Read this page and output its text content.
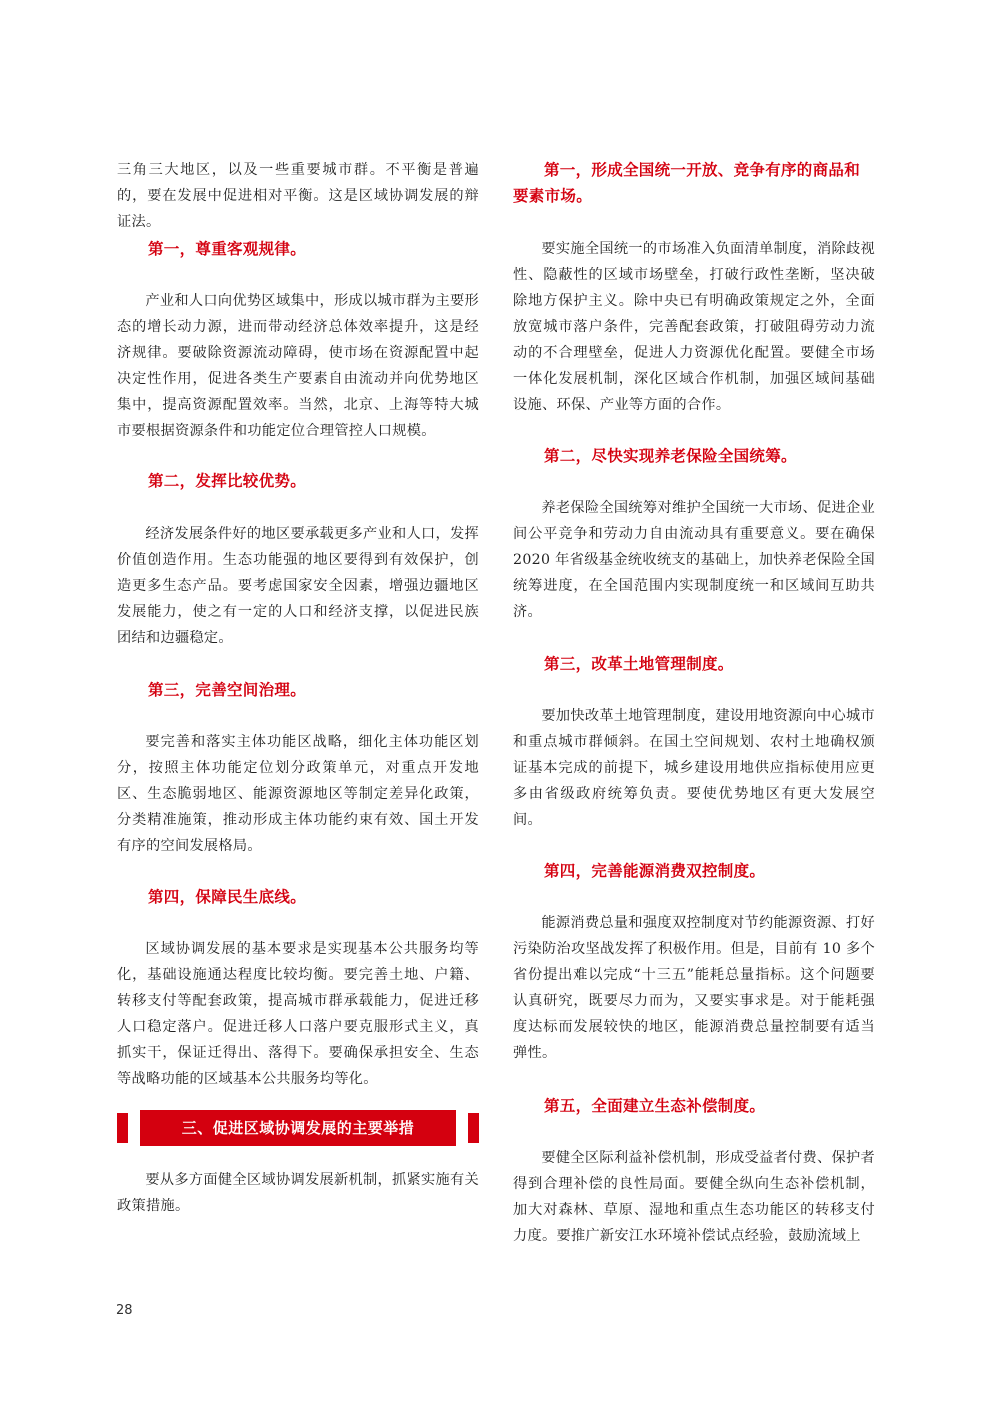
三角三大地区，以及一些重要城市群。不平衡是普遍的，要在发展中促进相对平衡。这是区域协调发展的辩证法。

第一，尊重客观规律。

产业和人口向优势区域集中，形成以城市群为主要形态的增长动力源，进而带动经济总体效率提升，这是经济规律。要破除资源流动障碍，使市场在资源配置中起决定性作用，促进各类生产要素自由流动并向优势地区集中，提高资源配置效率。当然，北京、上海等特大城市要根据资源条件和功能定位合理管控人口规模。

第二，发挥比较优势。

经济发展条件好的地区要承载更多产业和人口，发挥价值创造作用。生态功能强的地区要得到有效保护，创造更多生态产品。要考虑国家安全因素，增强边疆地区发展能力，使之有一定的人口和经济支撑，以促进民族团结和边疆稳定。

第三，完善空间治理。

要完善和落实主体功能区战略，细化主体功能区划分，按照主体功能定位划分政策单元，对重点开发地区、生态脆弱地区、能源资源地区等制定差异化政策，分类精准施策，推动形成主体功能约束有效、国土开发有序的空间发展格局。

第四，保障民生底线。

区域协调发展的基本要求是实现基本公共服务均等化，基础设施通达程度比较均衡。要完善土地、户籍、转移支付等配套政策，提高城市群承载能力，促进迁移人口稳定落户。促进迁移人口落户要克服形式主义，真抓实干，保证迁得出、落得下。要确保承担安全、生态等战略功能的区域基本公共服务均等化。

要从多方面健全区域协调发展新机制，抓紧实施有关政策措施。

三、促进区域协调发展的主要举措

第一，形成全国统一开放、竞争有序的商品和要素市场。

要实施全国统一的市场准入负面清单制度，消除歧视性、隐蔽性的区域市场壁垒，打破行政性垄断，坚决破除地方保护主义。除中央已有明确政策规定之外，全面放宽城市落户条件，完善配套政策，打破阻碍劳动力流动的不合理壁垒，促进人力资源优化配置。要健全市场一体化发展机制，深化区域合作机制，加强区域间基础设施、环保、产业等方面的合作。

第二，尽快实现养老保险全国统筹。

养老保险全国统筹对维护全国统一大市场、促进企业间公平竞争和劳动力自由流动具有重要意义。要在确保 2020 年省级基金统收统支的基础上，加快养老保险全国统筹进度，在全国范围内实现制度统一和区域间互助共济。

第三，改革土地管理制度。

要加快改革土地管理制度，建设用地资源向中心城市和重点城市群倾斜。在国土空间规划、农村土地确权颁证基本完成的前提下，城乡建设用地供应指标使用应更多由省级政府统筹负责。要使优势地区有更大发展空间。

第四，完善能源消费双控制度。

能源消费总量和强度双控制度对节约能源资源、打好污染防治攻坚战发挥了积极作用。但是，目前有 10 多个省份提出难以完成“十三五”能耗总量指标。这个问题要认真研究，既要尽力而为，又要实事求是。对于能耗强度达标而发展较快的地区，能源消费总量控制要有适当弹性。

第五，全面建立生态补偿制度。

要健全区际利益补偿机制，形成受益者付费、保护者得到合理补偿的良性局面。要健全纵向生态补偿机制，加大对森林、草原、湿地和重点生态功能区的转移支付力度。要推广新安江水环境补偿试点经验，鼓励流域上

28
